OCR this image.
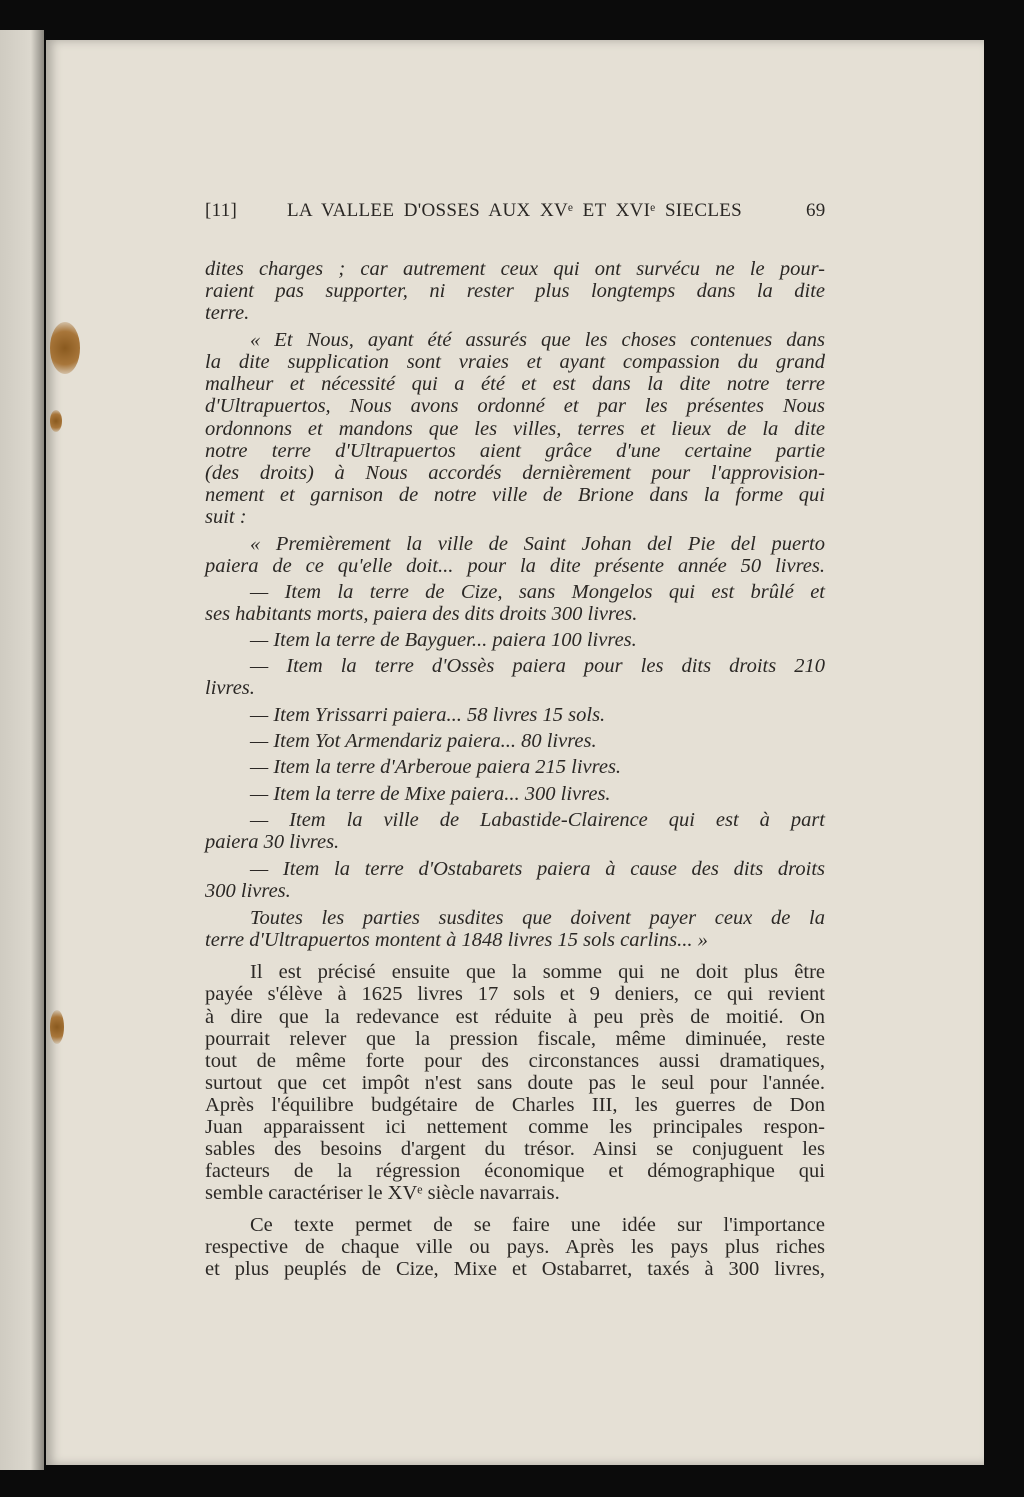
[11]	LA VALLEE D'OSSES AUX XVᵉ ET XVIᵉ SIECLES	69
dites charges ; car autrement ceux qui ont survécu ne le pour-
raient pas supporter, ni rester plus longtemps dans la dite
terre.
« Et Nous, ayant été assurés que les choses contenues dans
la dite supplication sont vraies et ayant compassion du grand
malheur et nécessité qui a été et est dans la dite notre terre
d'Ultrapuertos, Nous avons ordonné et par les présentes Nous
ordonnons et mandons que les villes, terres et lieux de la dite
notre terre d'Ultrapuertos aient grâce d'une certaine partie
(des droits) à Nous accordés dernièrement pour l'approvision-
nement et garnison de notre ville de Brione dans la forme qui
suit :
« Premièrement la ville de Saint Johan del Pie del puerto
paiera de ce qu'elle doit... pour la dite présente année 50 livres.
— Item la terre de Cize, sans Mongelos qui est brûlé et
ses habitants morts, paiera des dits droits 300 livres.
— Item la terre de Bayguer... paiera 100 livres.
— Item la terre d'Ossès paiera pour les dits droits 210
livres.
— Item Yrissarri paiera... 58 livres 15 sols.
— Item Yot Armendariz paiera... 80 livres.
— Item la terre d'Arberoue paiera 215 livres.
— Item la terre de Mixe paiera... 300 livres.
— Item la ville de Labastide-Clairence qui est à part
paiera 30 livres.
— Item la terre d'Ostabarets paiera à cause des dits droits
300 livres.
Toutes les parties susdites que doivent payer ceux de la
terre d'Ultrapuertos montent à 1848 livres 15 sols carlins... »
Il est précisé ensuite que la somme qui ne doit plus être
payée s'élève à 1625 livres 17 sols et 9 deniers, ce qui revient
à dire que la redevance est réduite à peu près de moitié. On
pourrait relever que la pression fiscale, même diminuée, reste
tout de même forte pour des circonstances aussi dramatiques,
surtout que cet impôt n'est sans doute pas le seul pour l'année.
Après l'équilibre budgétaire de Charles III, les guerres de Don
Juan apparaissent ici nettement comme les principales respon-
sables des besoins d'argent du trésor. Ainsi se conjuguent les
facteurs de la régression économique et démographique qui
semble caractériser le XVᵉ siècle navarrais.
Ce texte permet de se faire une idée sur l'importance
respective de chaque ville ou pays. Après les pays plus riches
et plus peuplés de Cize, Mixe et Ostabarret, taxés à 300 livres,
